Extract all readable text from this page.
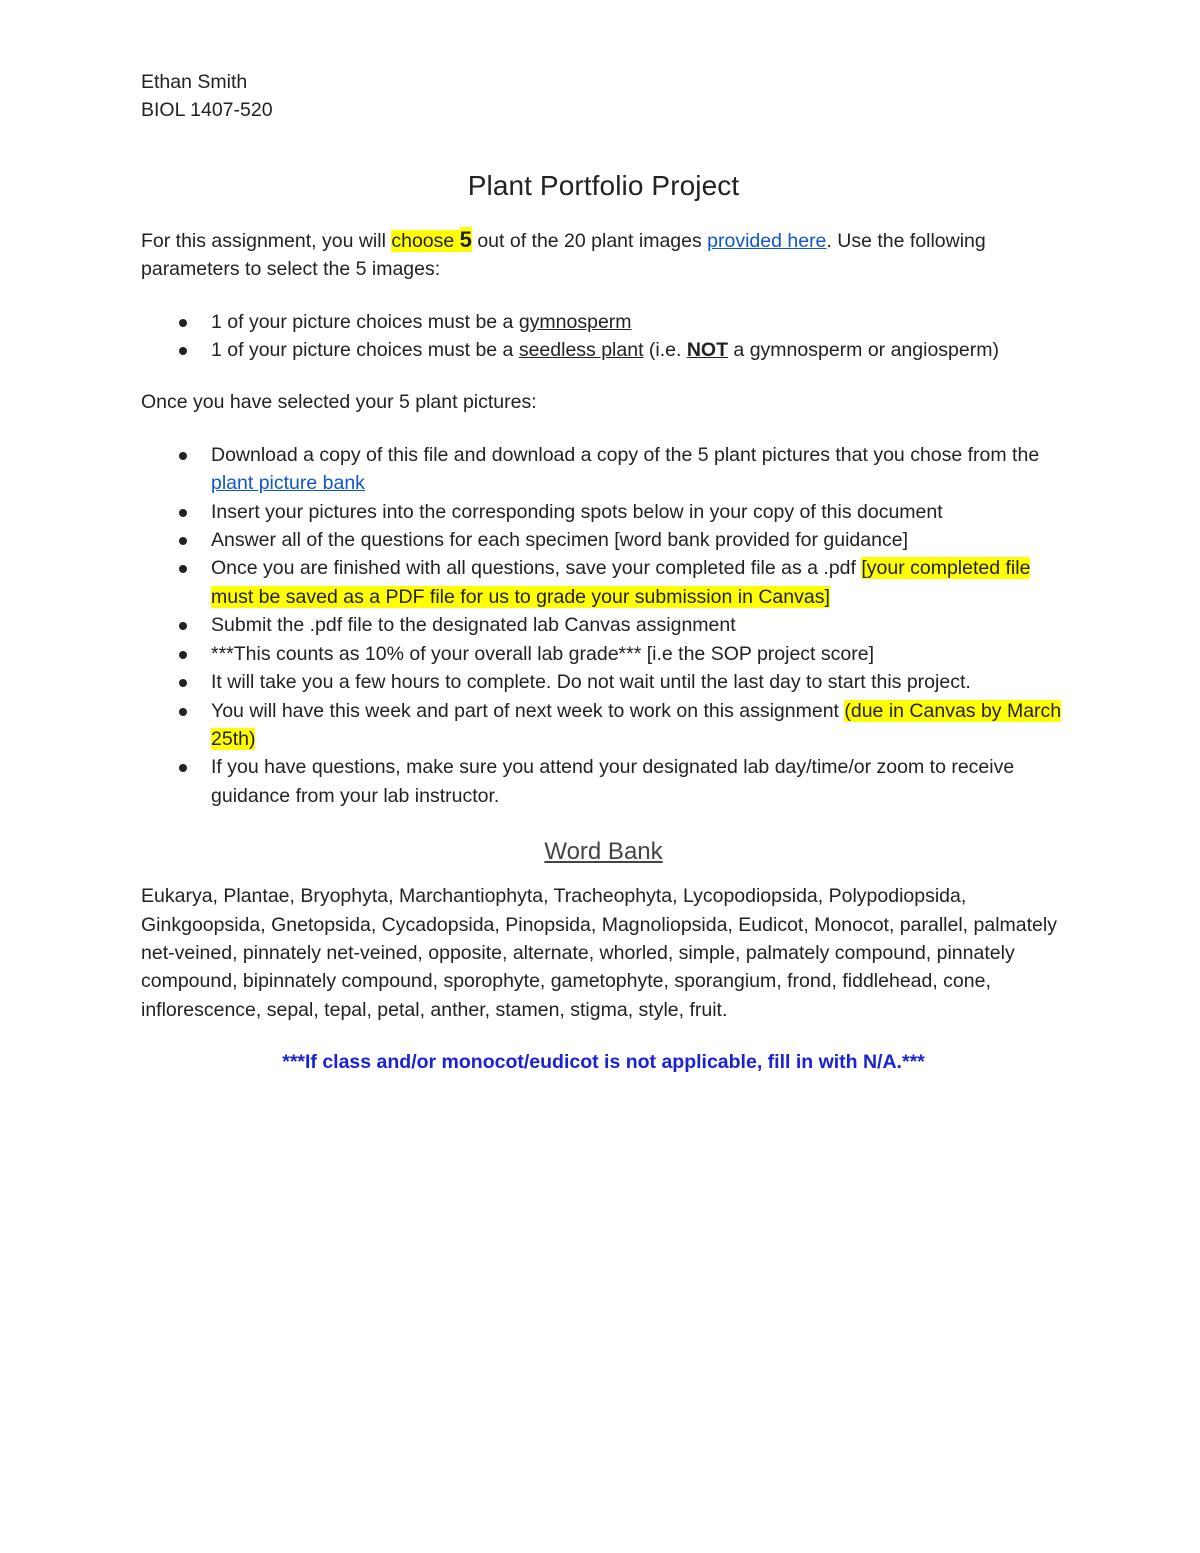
Ethan Smith

BIOL 1407-520

Plant Portfolio Project

For this assignment, you will choose 5 out of the 20 plant images provided here. Use the following parameters to select the 5 images:

1 of your picture choices must be a gymnosperm
1 of your picture choices must be a seedless plant (i.e. NOT a gymnosperm or angiosperm)

Once you have selected your 5 plant pictures:

Download a copy of this file and download a copy of the 5 plant pictures that you chose from the plant picture bank
Insert your pictures into the corresponding spots below in your copy of this document
Answer all of the questions for each specimen [word bank provided for guidance]
Once you are finished with all questions, save your completed file as a .pdf [your completed file must be saved as a PDF file for us to grade your submission in Canvas]
Submit the .pdf file to the designated lab Canvas assignment
***This counts as 10% of your overall lab grade*** [i.e the SOP project score]
It will take you a few hours to complete. Do not wait until the last day to start this project.
You will have this week and part of next week to work on this assignment (due in Canvas by March 25th)
If you have questions, make sure you attend your designated lab day/time/or zoom to receive guidance from your lab instructor.
Word Bank

Eukarya, Plantae, Bryophyta, Marchantiophyta, Tracheophyta, Lycopodiopsida, Polypodiopsida, Ginkgoopsida, Gnetopsida, Cycadopsida, Pinopsida, Magnoliopsida, Eudicot, Monocot, parallel, palmately net-veined, pinnately net-veined, opposite, alternate, whorled, simple, palmately compound, pinnately compound, bipinnately compound, sporophyte, gametophyte, sporangium, frond, fiddlehead, cone, inflorescence, sepal, tepal, petal, anther, stamen, stigma, style, fruit.

***If class and/or monocot/eudicot is not applicable, fill in with N/A.***
